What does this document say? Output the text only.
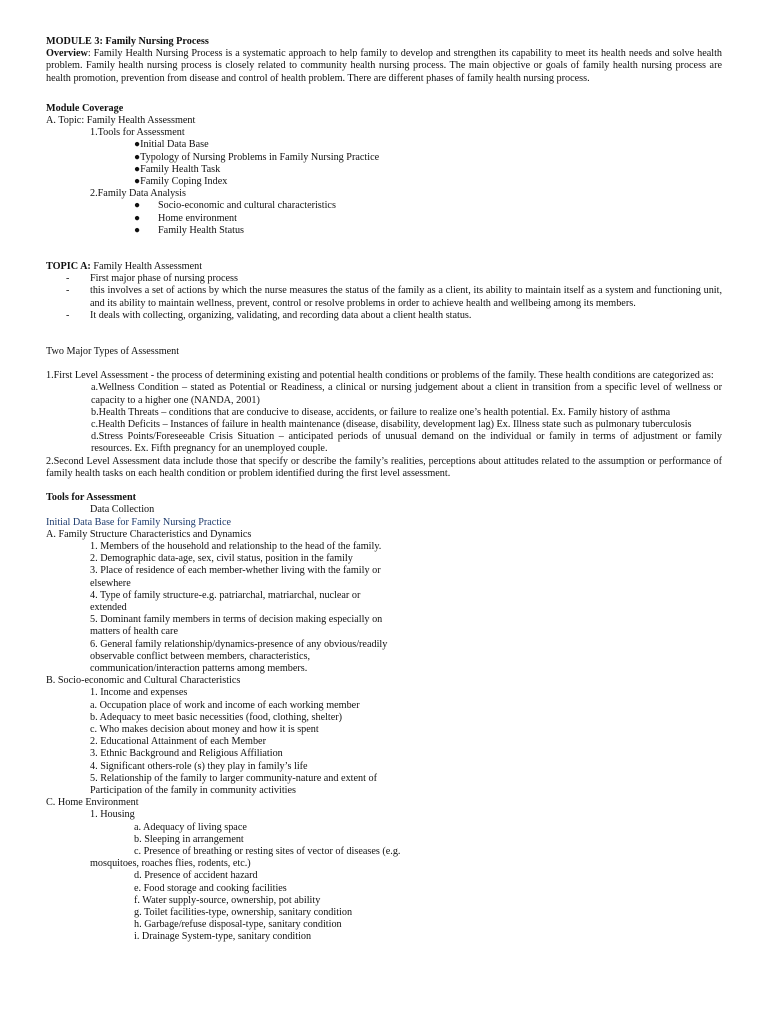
MODULE 3: Family Nursing Process

Overview: Family Health Nursing Process is a systematic approach to help family to develop and strengthen its capability to meet its health needs and solve health problem. Family health nursing process is closely related to community health nursing process. The main objective or goals of family health nursing process are health promotion, prevention from disease and control of health problem. There are different phases of family health nursing process.

Module Coverage
A. Topic: Family Health Assessment
1.Tools for Assessment
●Initial Data Base
●Typology of Nursing Problems in Family Nursing Practice
●Family Health Task
●Family Coping Index
2.Family Data Analysis
●	Socio-economic and cultural characteristics
●	Home environment
●	Family Health Status
TOPIC A: Family Health Assessment
-	First major phase of nursing process
-	this involves a set of actions by which the nurse measures the status of the family as a client, its ability to maintain itself as a system and functioning unit, and its ability to maintain wellness, prevent, control or resolve problems in order to achieve health and wellbeing among its members.
-	It deals with collecting, organizing, validating, and recording data about a client health status.
Two Major Types of Assessment

1.First Level Assessment - the process of determining existing and potential health conditions or problems of the family. These health conditions are categorized as:

a.Wellness Condition – stated as Potential or Readiness, a clinical or nursing judgement about a client in transition from a specific level of wellness or capacity to a higher one (NANDA, 2001)

b.Health Threats – conditions that are conducive to disease, accidents, or failure to realize one’s health potential. Ex. Family history of asthma

c.Health Deficits – Instances of failure in health maintenance (disease, disability, development lag) Ex. Illness state such as pulmonary tuberculosis

d.Stress Points/Foreseeable Crisis Situation – anticipated periods of unusual demand on the individual or family in terms of adjustment or family resources. Ex. Fifth pregnancy for an unemployed couple.

2.Second Level Assessment data include those that specify or describe the family’s realities, perceptions about attitudes related to the assumption or performance of family health tasks on each health condition or problem identified during the first level assessment.

Tools for Assessment
Data Collection
Initial Data Base for Family Nursing Practice
A. Family Structure Characteristics and Dynamics
1. Members of the household and relationship to the head of the family.
2. Demographic data-age, sex, civil status, position in the family
3. Place of residence of each member-whether living with the family or
elsewhere
4. Type of family structure-e.g. patriarchal, matriarchal, nuclear or
extended
5. Dominant family members in terms of decision making especially on
matters of health care
6. General family relationship/dynamics-presence of any obvious/readily
observable conflict between members, characteristics,
communication/interaction patterns among members.
B. Socio-economic and Cultural Characteristics
1. Income and expenses
a. Occupation place of work and income of each working member
b. Adequacy to meet basic necessities (food, clothing, shelter)
c. Who makes decision about money and how it is spent
2. Educational Attainment of each Member
3. Ethnic Background and Religious Affiliation
4. Significant others-role (s) they play in family’s life
5. Relationship of the family to larger community-nature and extent of
Participation of the family in community activities
C. Home Environment
1. Housing
a. Adequacy of living space
b. Sleeping in arrangement
c. Presence of breathing or resting sites of vector of diseases (e.g.
mosquitoes, roaches flies, rodents, etc.)
d. Presence of accident hazard
e. Food storage and cooking facilities
f. Water supply-source, ownership, pot ability
g. Toilet facilities-type, ownership, sanitary condition
h. Garbage/refuse disposal-type, sanitary condition
i. Drainage System-type, sanitary condition
